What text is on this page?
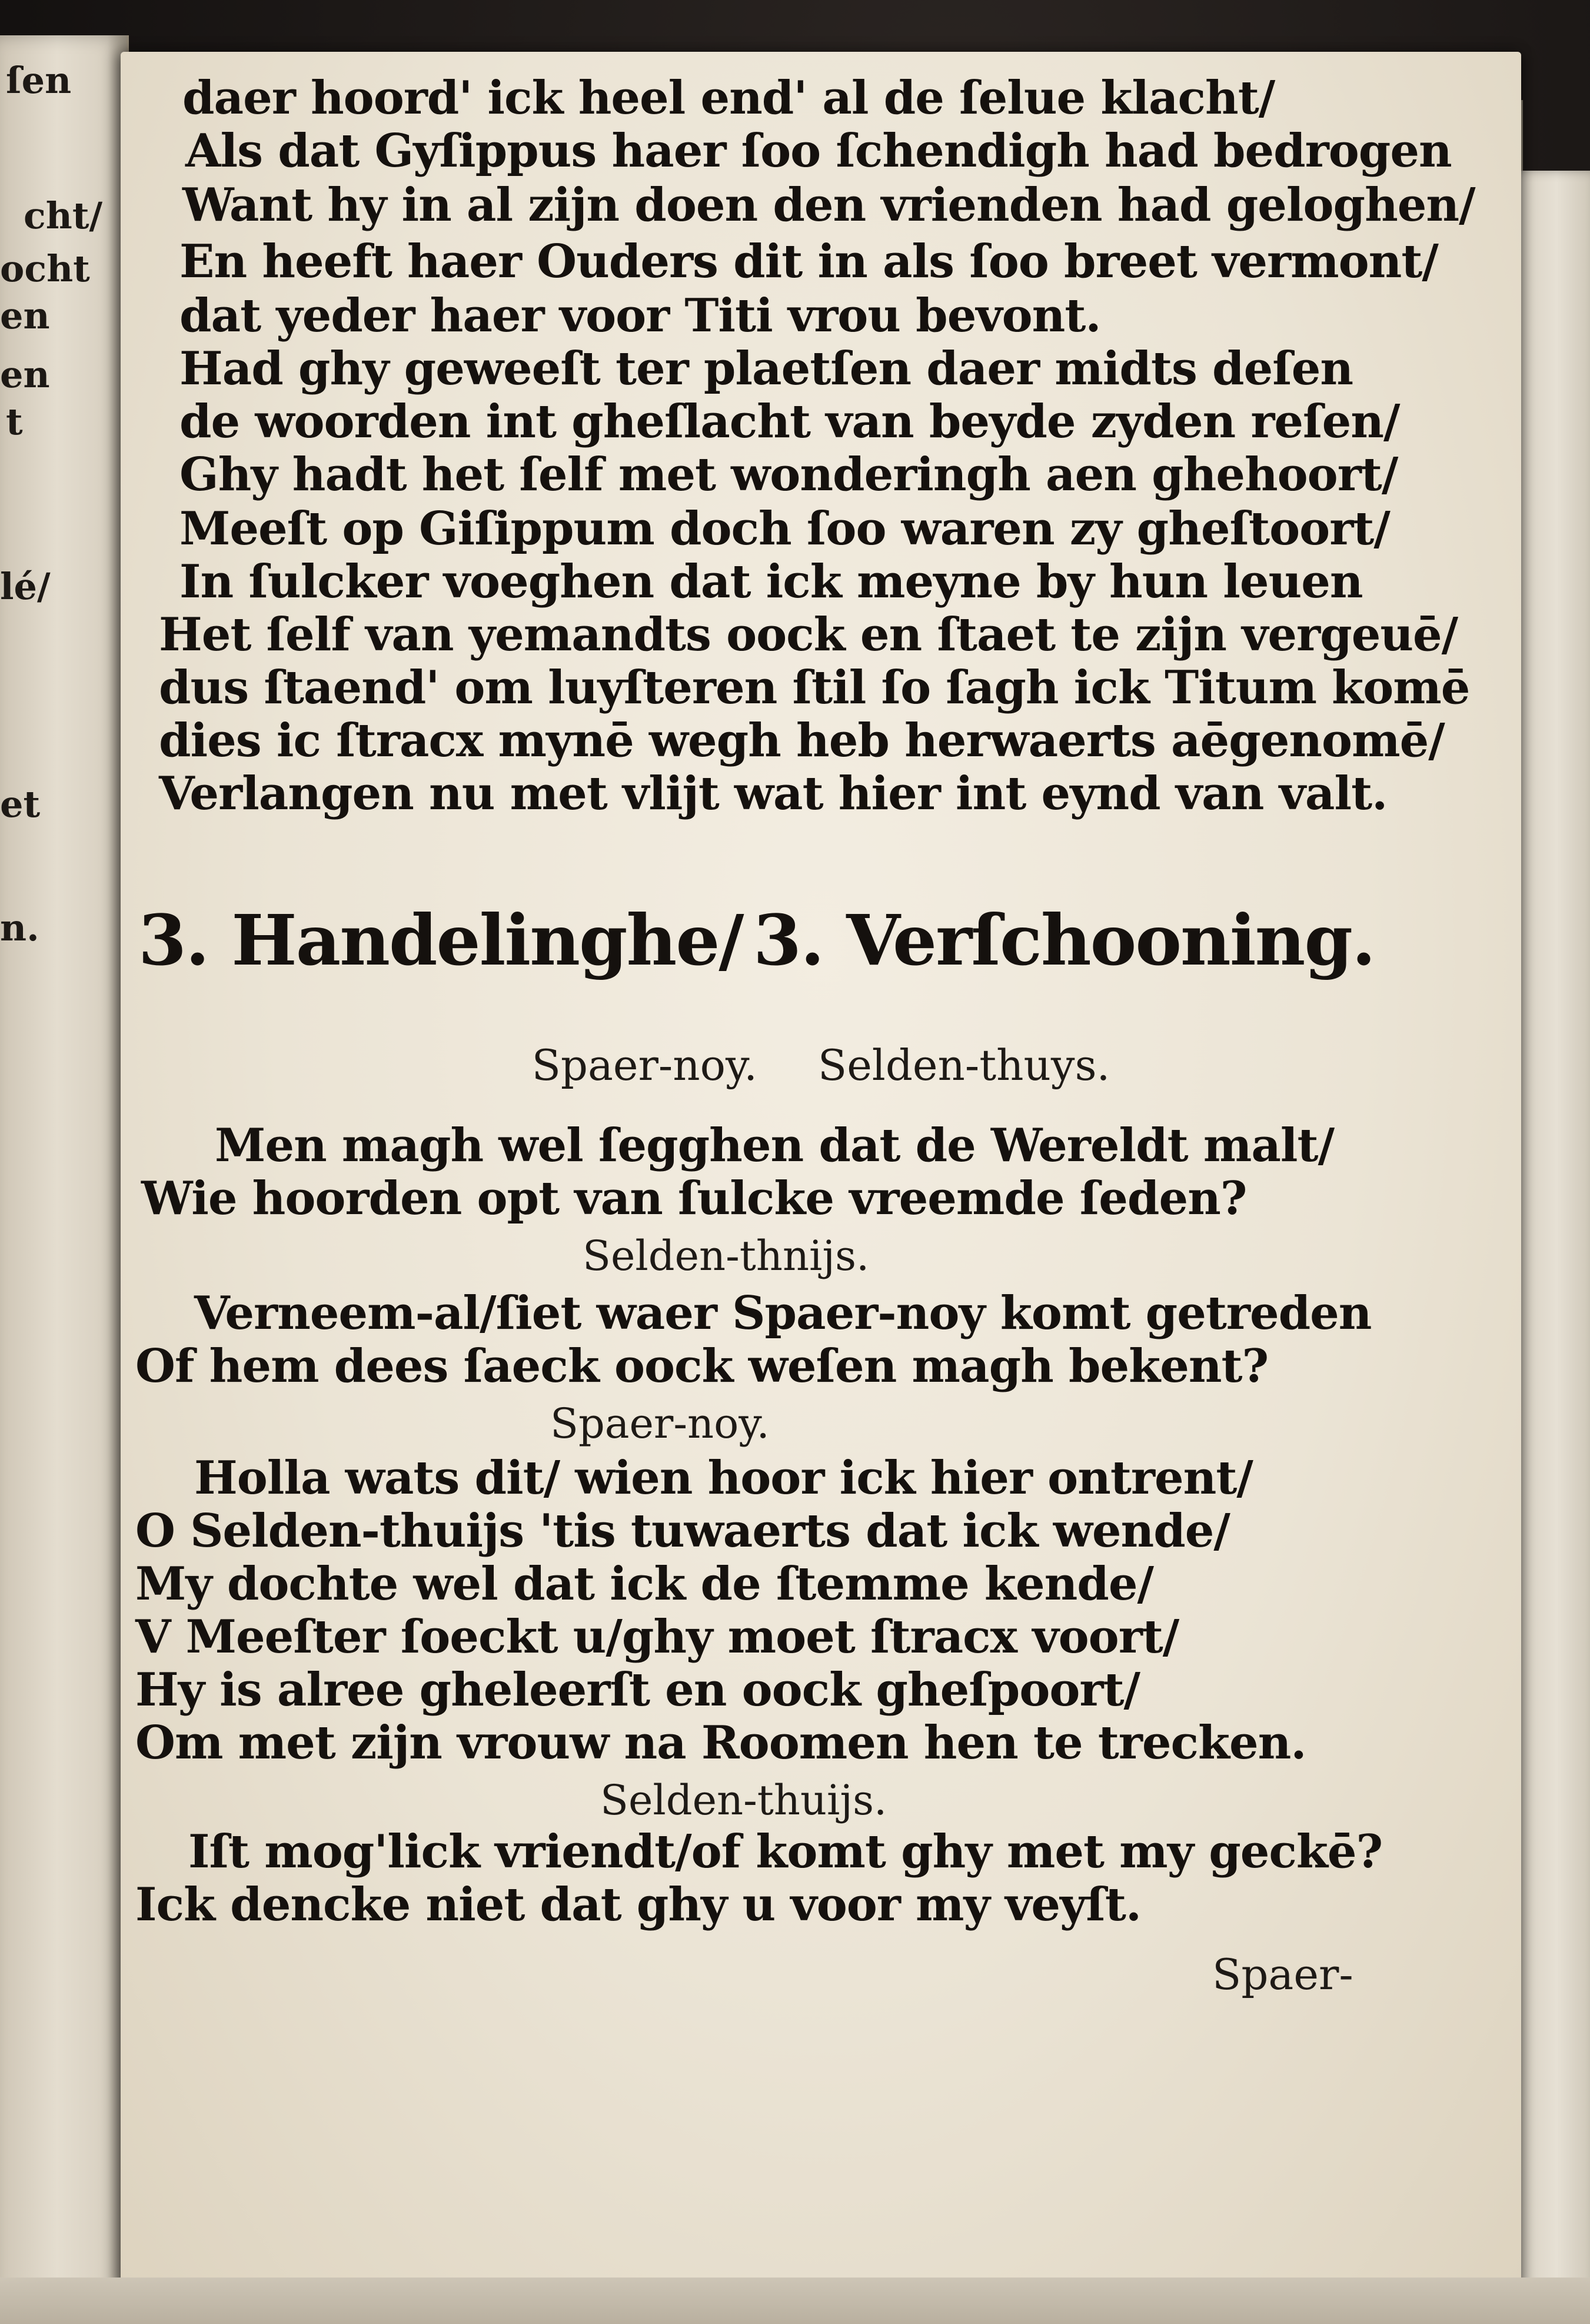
ſen
cht/
ocht
en
en
t
lé/
et
n.
daer hoord' ick heel end' al de ſelue klacht/
Als dat Gyſippus haer ſoo ſchendigh had bedrogen
Want hy in al zijn doen den vrienden had geloghen/
En heeft haer Ouders dit in als ſoo breet vermont/
dat yeder haer voor Titi vrou bevont.
Had ghy geweeſt ter plaetſen daer midts deſen
de woorden int gheſlacht van beyde zyden reſen/
Ghy hadt het ſelf met wonderingh aen ghehoort/
Meeſt op Giſippum doch ſoo waren zy gheſtoort/
In ſulcker voeghen dat ick meyne by hun leuen
Het ſelf van yemandts oock en ſtaet te zijn vergeuē/
dus ſtaend' om luyſteren ſtil ſo ſagh ick Titum komē
dies ic ſtracx mynē wegh heb herwaerts aēgenomē/
Verlangen nu met vlijt wat hier int eynd van valt.
3. Handelinghe/ 3. Verſchooning.
Spaer-noy. Selden-thuys.
Men magh wel ſegghen dat de Wereldt malt/
Wie hoorden opt van ſulcke vreemde ſeden?
Selden-thnijs.
Verneem-al/ſiet waer Spaer-noy komt getreden
Of hem dees ſaeck oock weſen magh bekent?
Spaer-noy.
Holla wats dit/ wien hoor ick hier ontrent/
O Selden-thuijs 'tis tuwaerts dat ick wende/
My dochte wel dat ick de ſtemme kende/
V Meeſter ſoeckt u/ghy moet ſtracx voort/
Hy is alree gheleerſt en oock gheſpoort/
Om met zijn vrouw na Roomen hen te trecken.
Selden-thuijs.
Iſt mog'lick vriendt/of komt ghy met my geckē?
Ick dencke niet dat ghy u voor my veyſt.
Spaer-
